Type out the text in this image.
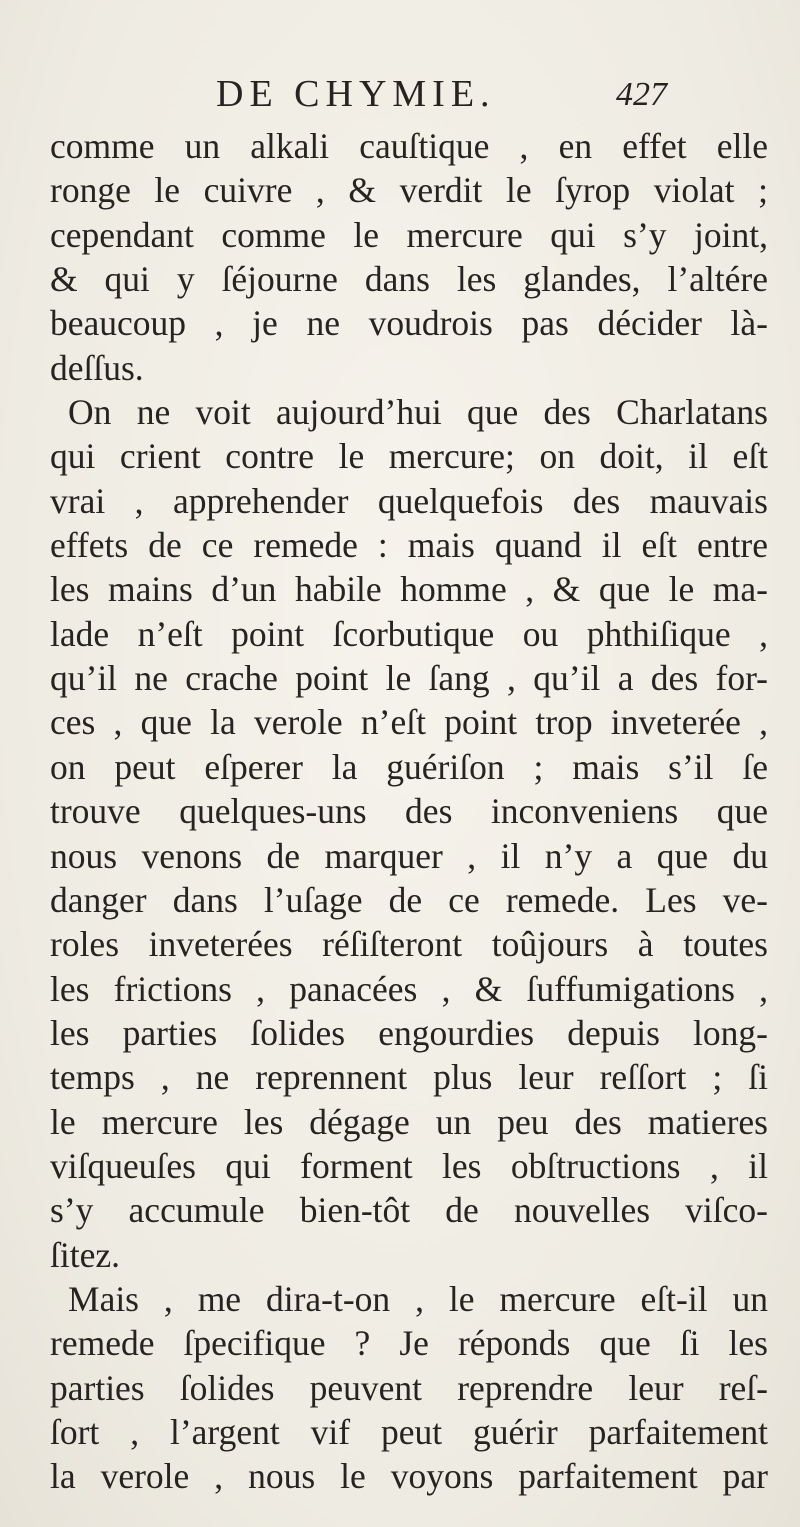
DE CHYMIE.	427
comme un alkali cauſtique , en effet elle
ronge le cuivre , & verdit le ſyrop violat ;
cependant comme le mercure qui s’y joint,
& qui y ſéjourne dans les glandes, l’altére
beaucoup , je ne voudrois pas décider là-
deſſus.
On ne voit aujourd’hui que des Charlatans
qui crient contre le mercure; on doit, il eſt
vrai , apprehender quelquefois des mauvais
effets de ce remede : mais quand il eſt entre
les mains d’un habile homme , & que le ma-
lade n’eſt point ſcorbutique ou phthiſique ,
qu’il ne crache point le ſang , qu’il a des for-
ces , que la verole n’eſt point trop inveterée ,
on peut eſperer la guériſon ; mais s’il ſe
trouve quelques-uns des inconveniens que
nous venons de marquer , il n’y a que du
danger dans l’uſage de ce remede. Les ve-
roles inveterées réſiſteront toûjours à toutes
les frictions , panacées , & ſuffumigations ,
les parties ſolides engourdies depuis long-
temps , ne reprennent plus leur reſſort ; ſi
le mercure les dégage un peu des matieres
viſqueuſes qui forment les obſtructions , il
s’y accumule bien-tôt de nouvelles viſco-
ſitez.
Mais , me dira-t-on , le mercure eſt-il un
remede ſpecifique ? Je réponds que ſi les
parties ſolides peuvent reprendre leur reſ-
ſort , l’argent vif peut guérir parfaitement
la verole , nous le voyons parfaitement par
